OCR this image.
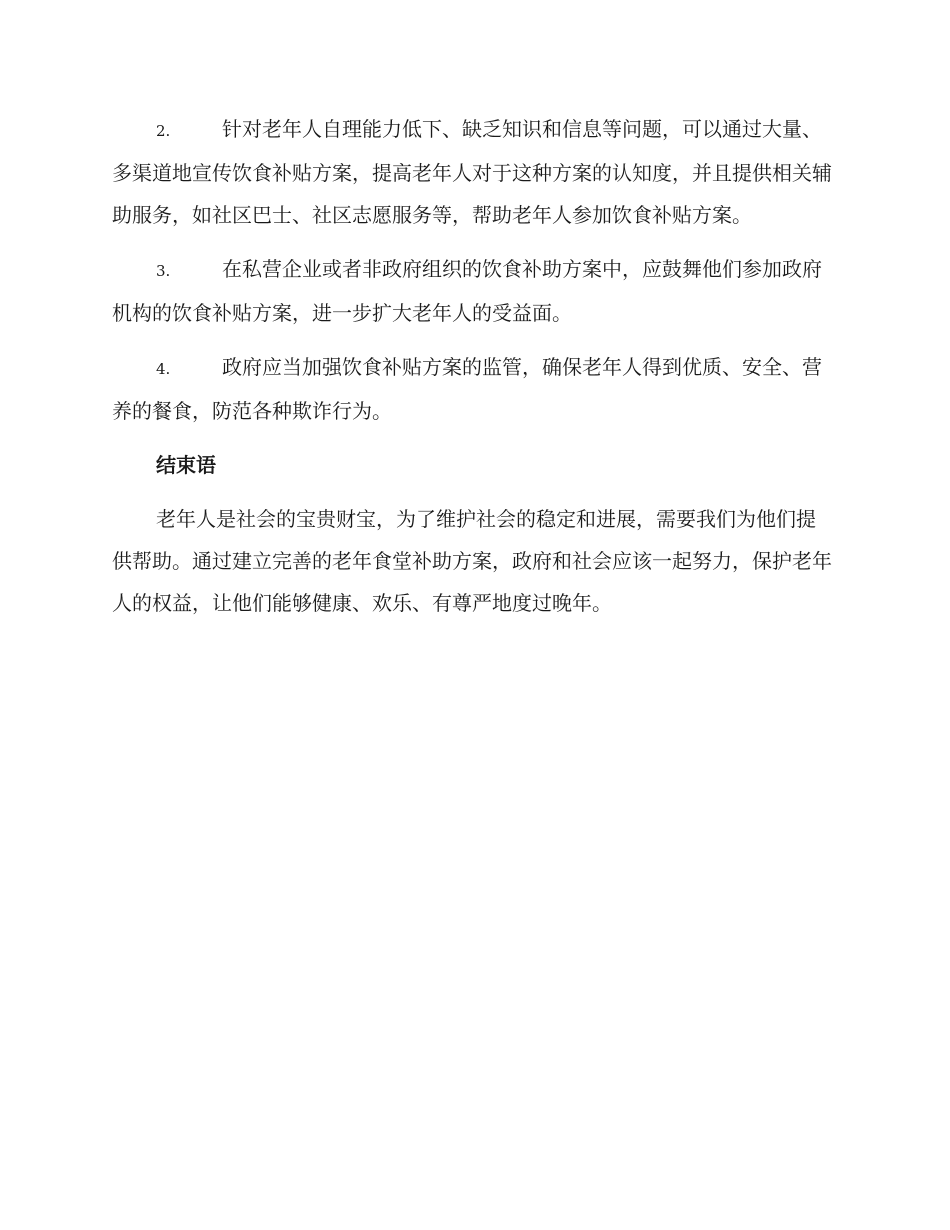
2.	针对老年人自理能力低下、缺乏知识和信息等问题，可以通过大量、多渠道地宣传饮食补贴方案，提高老年人对于这种方案的认知度，并且提供相关辅助服务，如社区巴士、社区志愿服务等，帮助老年人参加饮食补贴方案。

3.	在私营企业或者非政府组织的饮食补助方案中，应鼓舞他们参加政府机构的饮食补贴方案，进一步扩大老年人的受益面。

4.	政府应当加强饮食补贴方案的监管，确保老年人得到优质、安全、营养的餐食，防范各种欺诈行为。

结束语

老年人是社会的宝贵财宝，为了维护社会的稳定和进展，需要我们为他们提供帮助。通过建立完善的老年食堂补助方案，政府和社会应该一起努力，保护老年人的权益，让他们能够健康、欢乐、有尊严地度过晚年。
